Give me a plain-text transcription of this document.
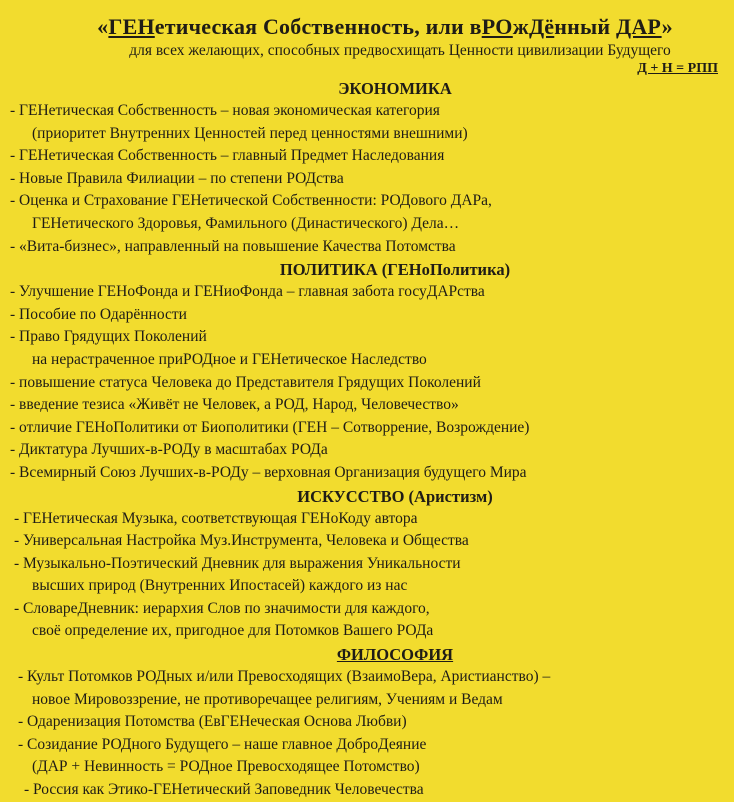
«ГЕНетическая Собственность, или вРОжДённый ДАР»
для всех желающих, способных предвосхищать Ценности цивилизации Будущего
Д + Н = РПП
ЭКОНОМИКА
- ГЕНетическая Собственность – новая экономическая категория
(приоритет Внутренних Ценностей перед ценностями внешними)
- ГЕНетическая Собственность – главный Предмет Наследования
- Новые Правила Филиации – по степени РОДства
- Оценка и Страхование ГЕНетической Собственности: РОДового ДАРа,
ГЕНетического Здоровья, Фамильного (Династического) Дела…
- «Вита-бизнес», направленный на повышение Качества Потомства
ПОЛИТИКА (ГЕНоПолитика)
- Улучшение ГЕНоФонда и ГЕНиоФонда – главная забота госуДАРства
- Пособие по Одарённости
- Право Грядущих Поколений
на нерастраченное приРОДное и ГЕНетическое Наследство
- повышение статуса Человека до Представителя Грядущих Поколений
- введение тезиса «Живёт не Человек, а РОД, Народ, Человечество»
- отличие ГЕНоПолитики от Биополитики (ГЕН – Сотворрение, Возрождение)
- Диктатура Лучших-в-РОДу в масштабах РОДа
- Всемирный Союз Лучших-в-РОДу – верховная Организация будущего Мира
ИСКУССТВО (Аристизм)
- ГЕНетическая Музыка, соответствующая ГЕНоКоду автора
- Универсальная Настройка Муз.Инструмента, Человека и Общества
- Музыкально-Поэтический Дневник для выражения Уникальности
высших природ (Внутренних Ипостасей) каждого из нас
- СловареДневник: иерархия Слов по значимости для каждого,
своё определение их, пригодное для Потомков Вашего РОДа
ФИЛОСОФИЯ
- Культ Потомков РОДных и/или Превосходящих (ВзаимоВера, Аристианство) –
новое Мировоззрение, не противоречащее религиям, Учениям и Ведам
- Одаренизация Потомства (ЕвГЕНеческая Основа Любви)
- Созидание РОДного Будущего – наше главное ДоброДеяние
(ДАР + Невинность = РОДное Превосходящее Потомство)
- Россия как Этико-ГЕНетический Заповедник Человечества
